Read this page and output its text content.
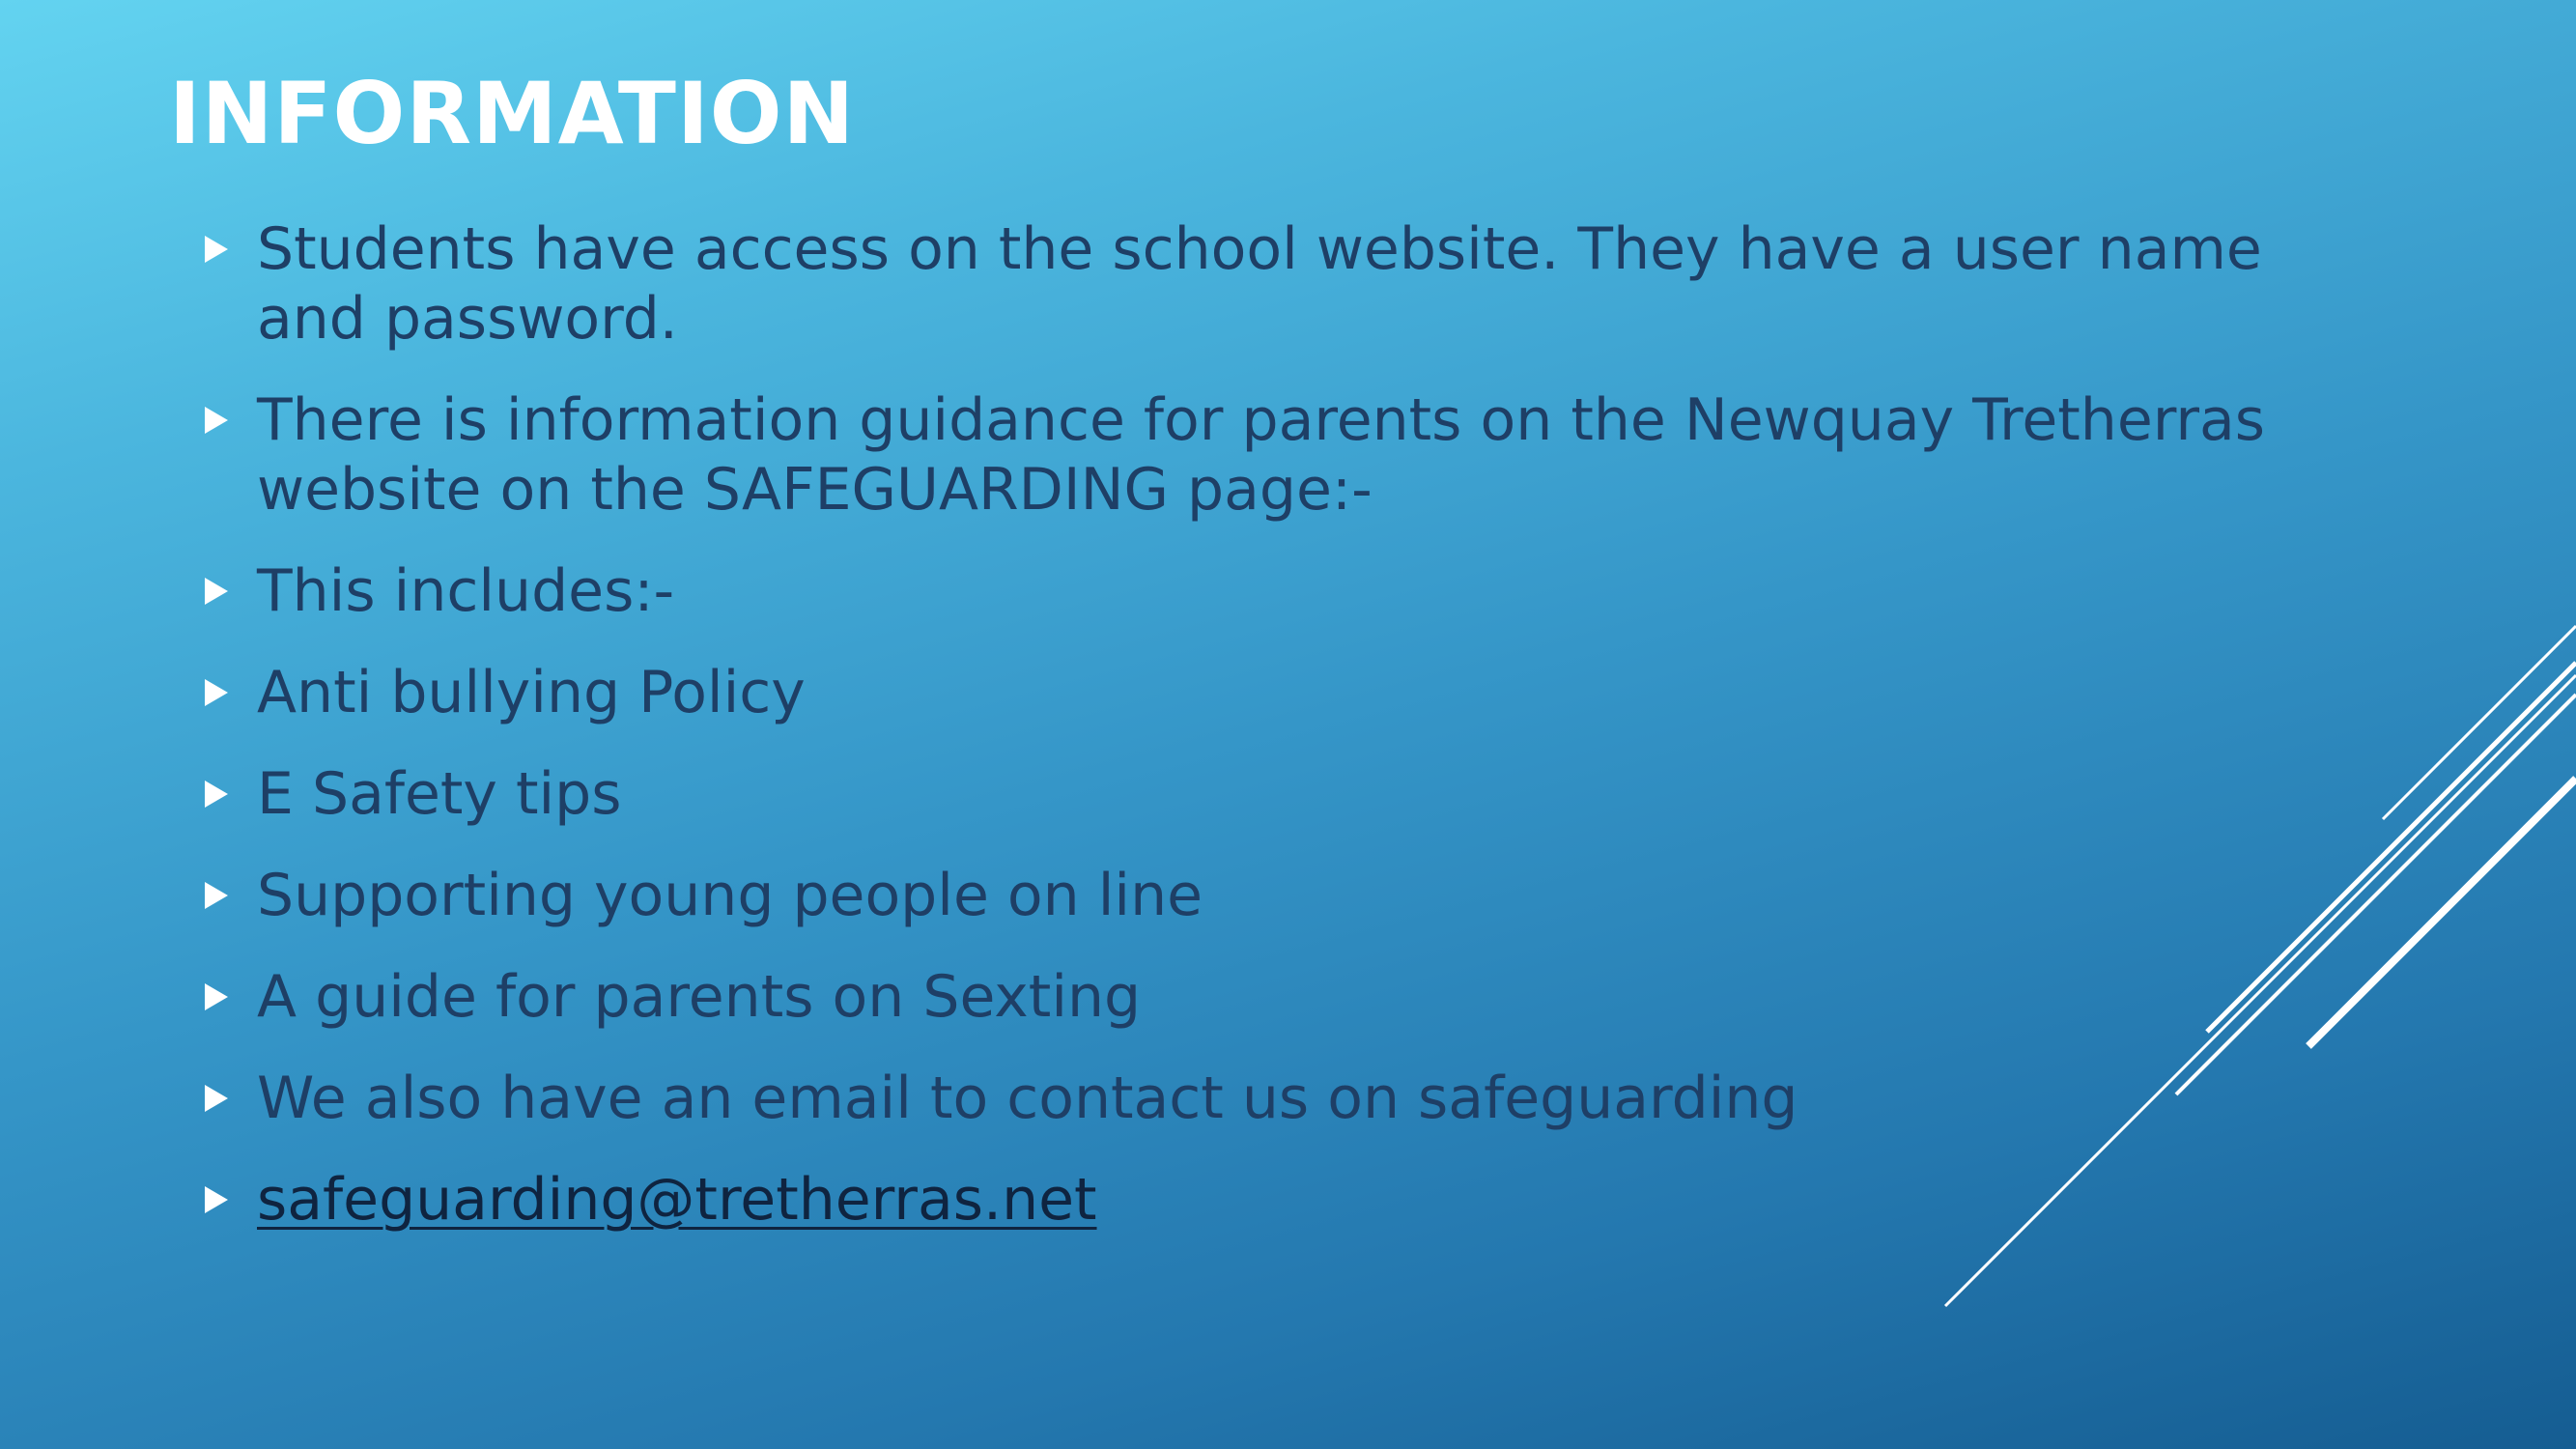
INFORMATION
Students have access on the school website. They have a user name and password.
There is information guidance for parents on the Newquay Tretherras website on the SAFEGUARDING page:-
This includes:-
Anti bullying Policy
E Safety tips
Supporting young people on line
A guide for parents on Sexting
We also have an email to contact us on safeguarding
safeguarding@tretherras.net
